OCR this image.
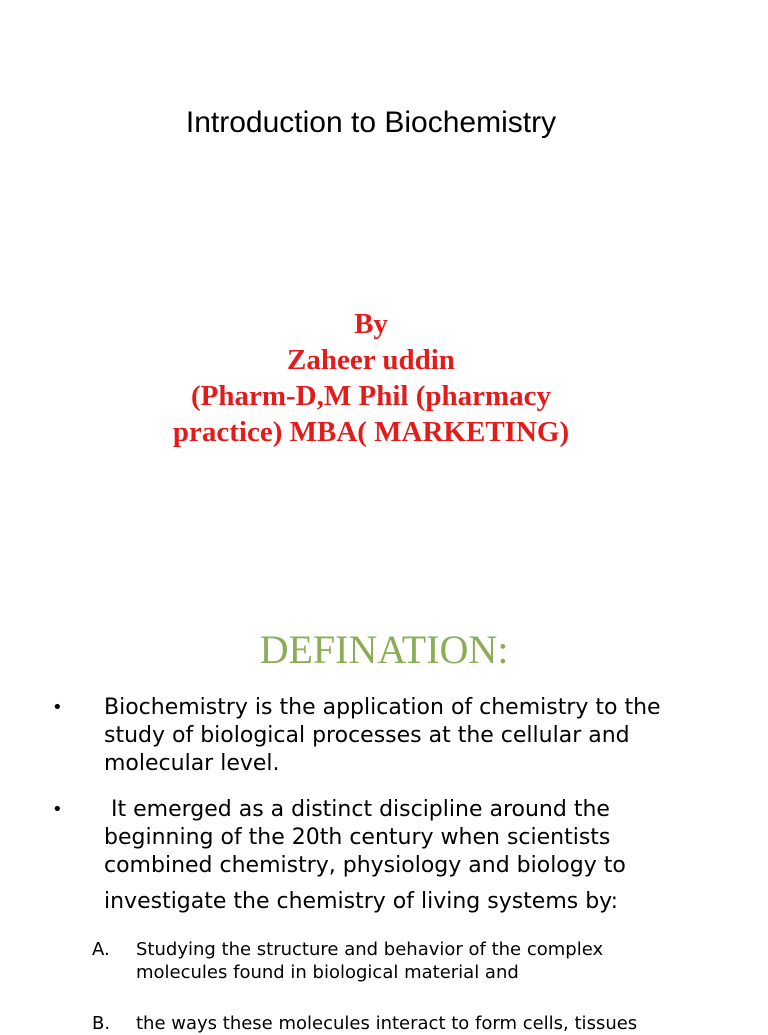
Introduction to Biochemistry
By
Zaheer uddin
(Pharm-D,M Phil (pharmacy
practice) MBA( MARKETING)
DEFINATION:
• Biochemistry is the application of chemistry to the
study of biological processes at the cellular and
molecular level.
• It emerged as a distinct discipline around the
beginning of the 20th century when scientists
combined chemistry, physiology and biology to
investigate the chemistry of living systems by:
A. Studying the structure and behavior of the complex
molecules found in biological material and
B. the ways these molecules interact to form cells, tissues
